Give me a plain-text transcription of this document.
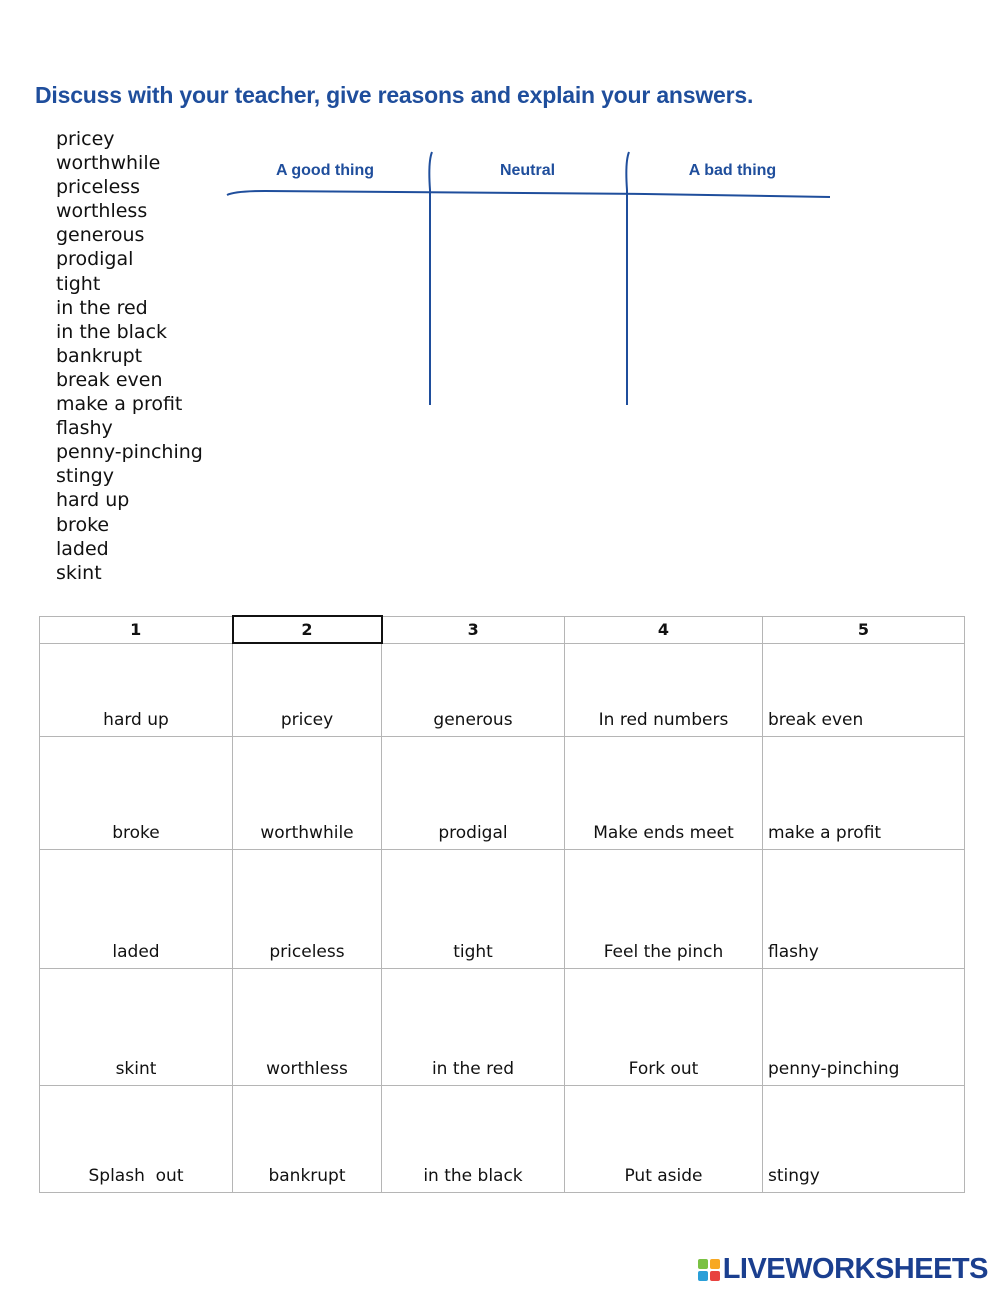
Discuss with your teacher, give reasons and explain your answers.
pricey
worthwhile
priceless
worthless
generous
prodigal
tight
in the red
in the black
bankrupt
break even
make a profit
flashy
penny-pinching
stingy
hard up
broke
laded
skint
A good thing	Neutral	A bad thing
1	2	3	4	5
hard up	pricey	generous	In red numbers	break even
broke	worthwhile	prodigal	Make ends meet	make a profit
laded	priceless	tight	Feel the pinch	flashy
skint	worthless	in the red	Fork out	penny-pinching
Splash  out	bankrupt	in the black	Put aside	stingy
LIVEWORKSHEETS
